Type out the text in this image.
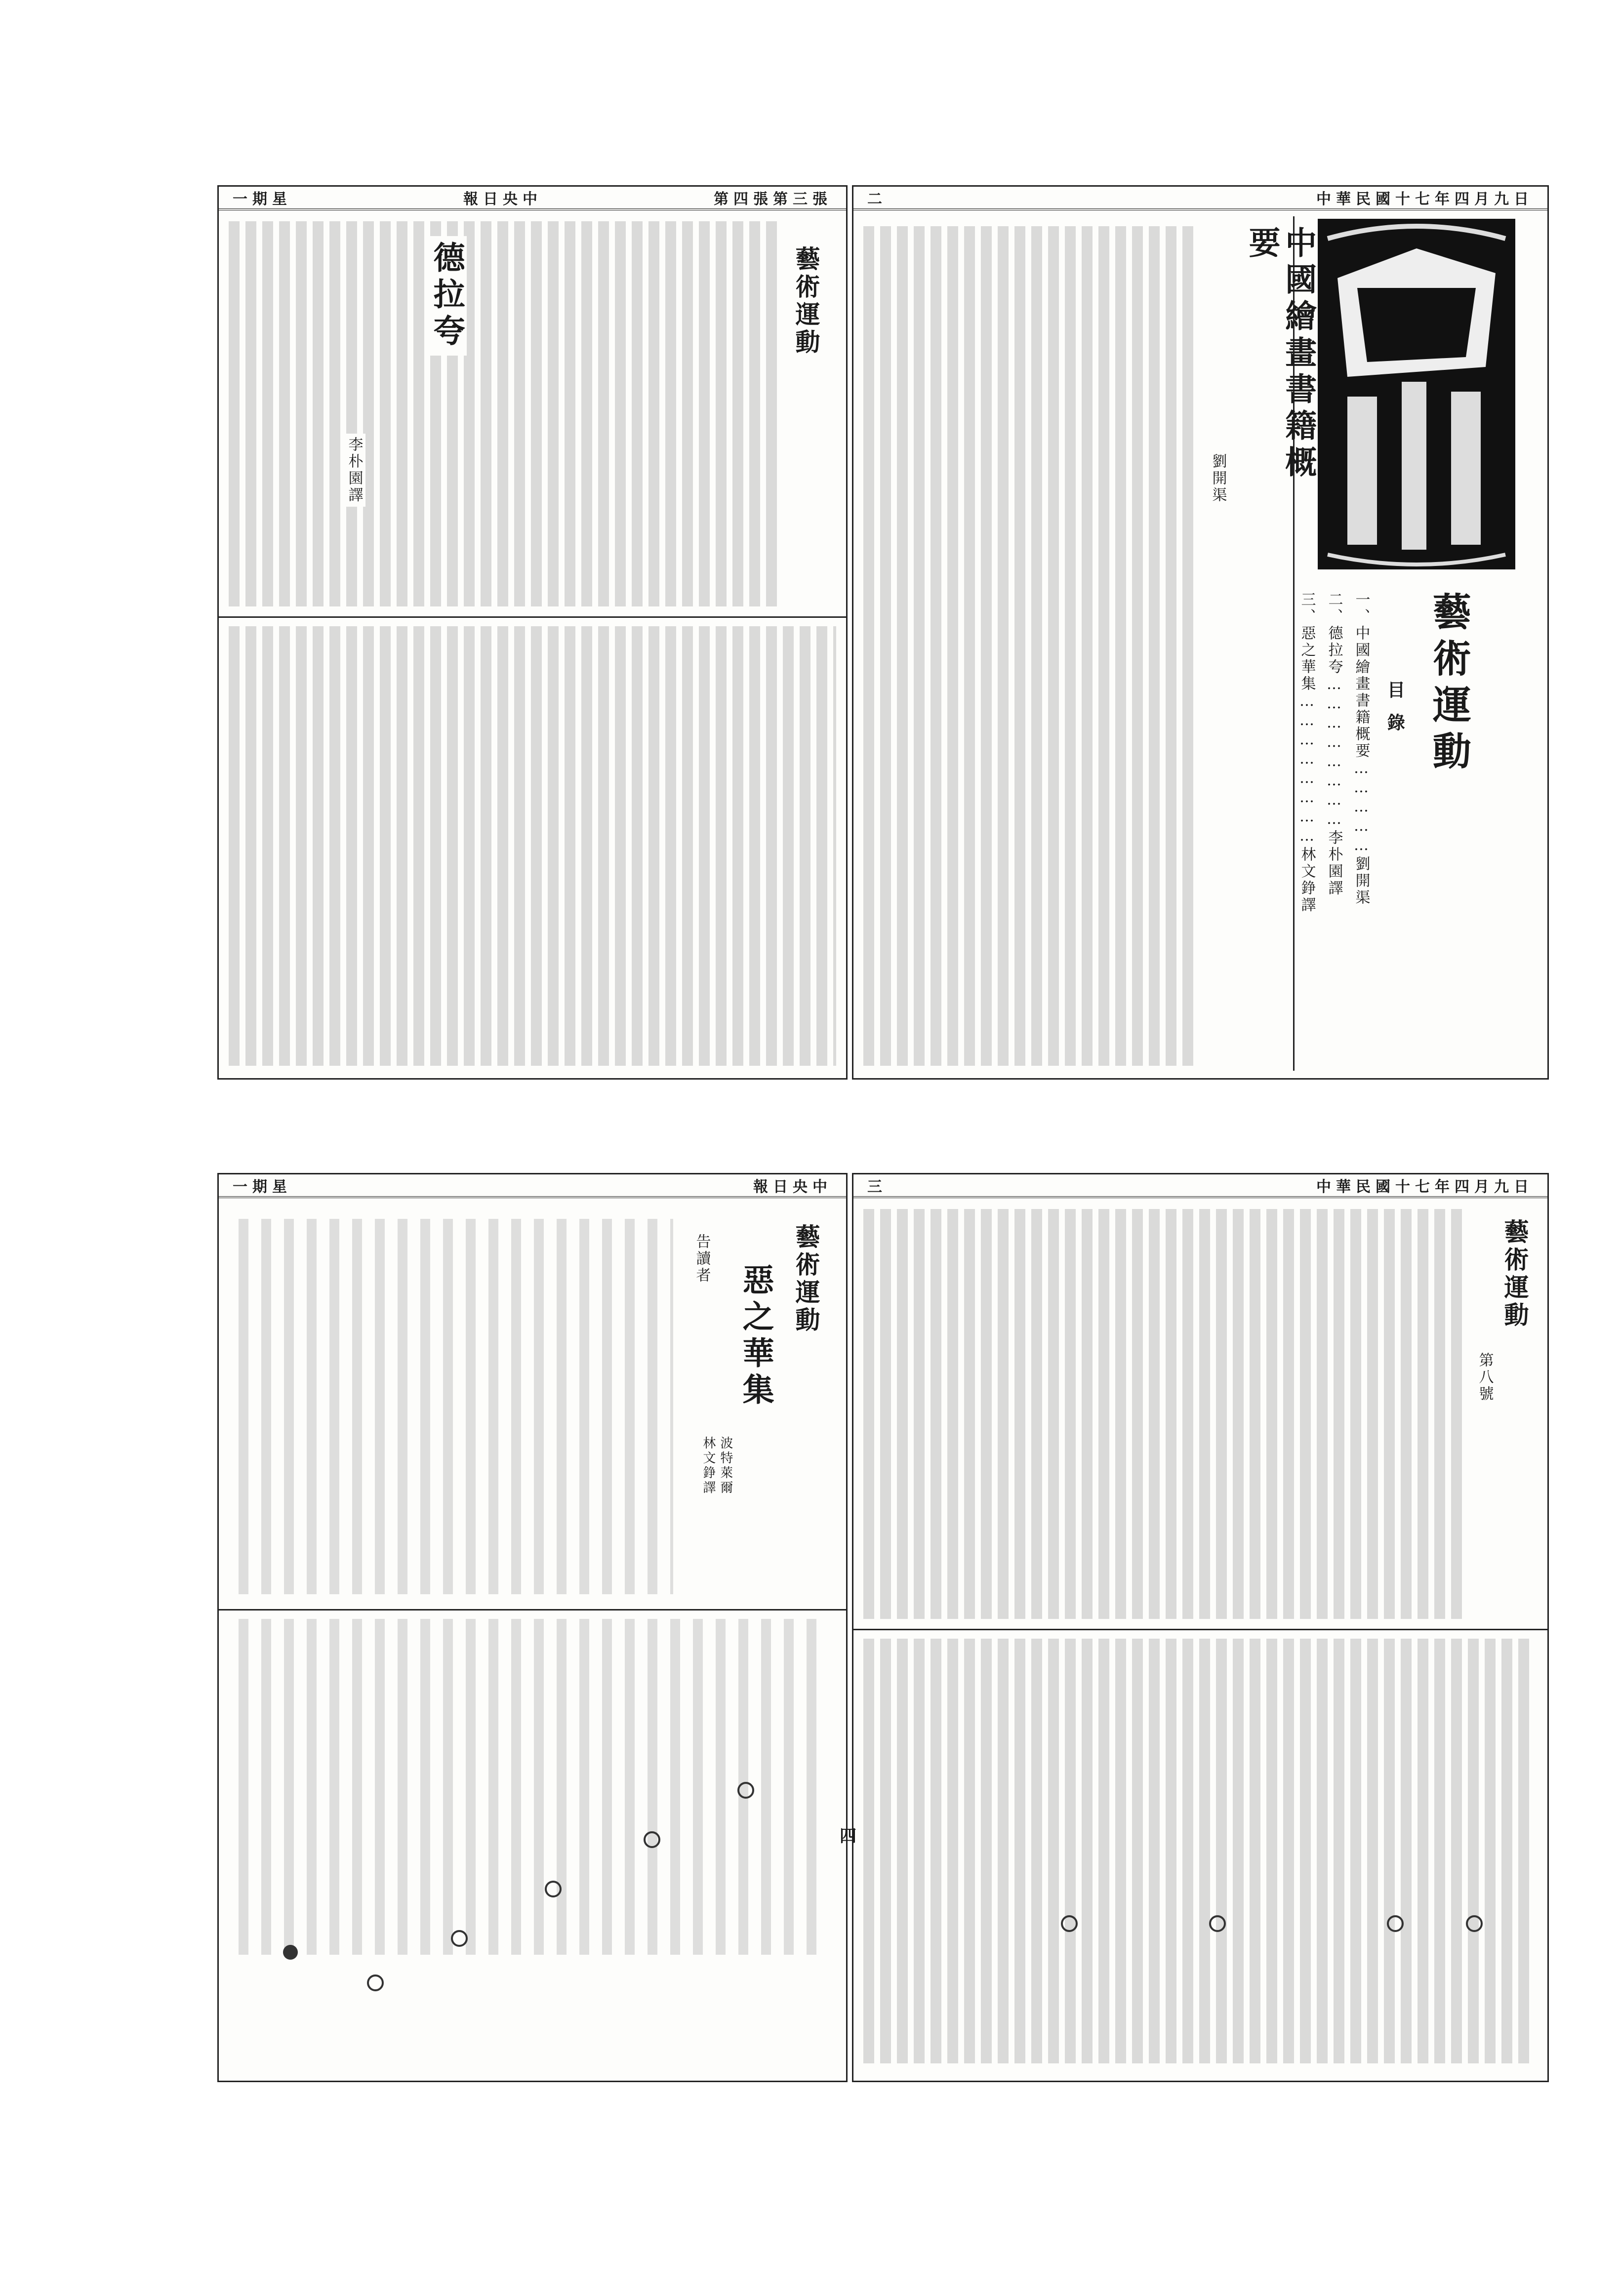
二	中華民國十七年四月九日
藝術運動
目錄
一、中國繪畫書籍概要……………劉開渠
二、德拉夸……………………李朴園譯
三、惡之華集……………………林文錚譯
中國繪畫書籍概要
劉開渠
一期星	報日央中	第四張第三張
藝術運動
德拉夸
李朴園譯
三	中華民國十七年四月九日
藝術運動
第八號
一期星	報日央中
藝術運動
惡之華集
波特萊爾
林文錚譯
告讀者
四
